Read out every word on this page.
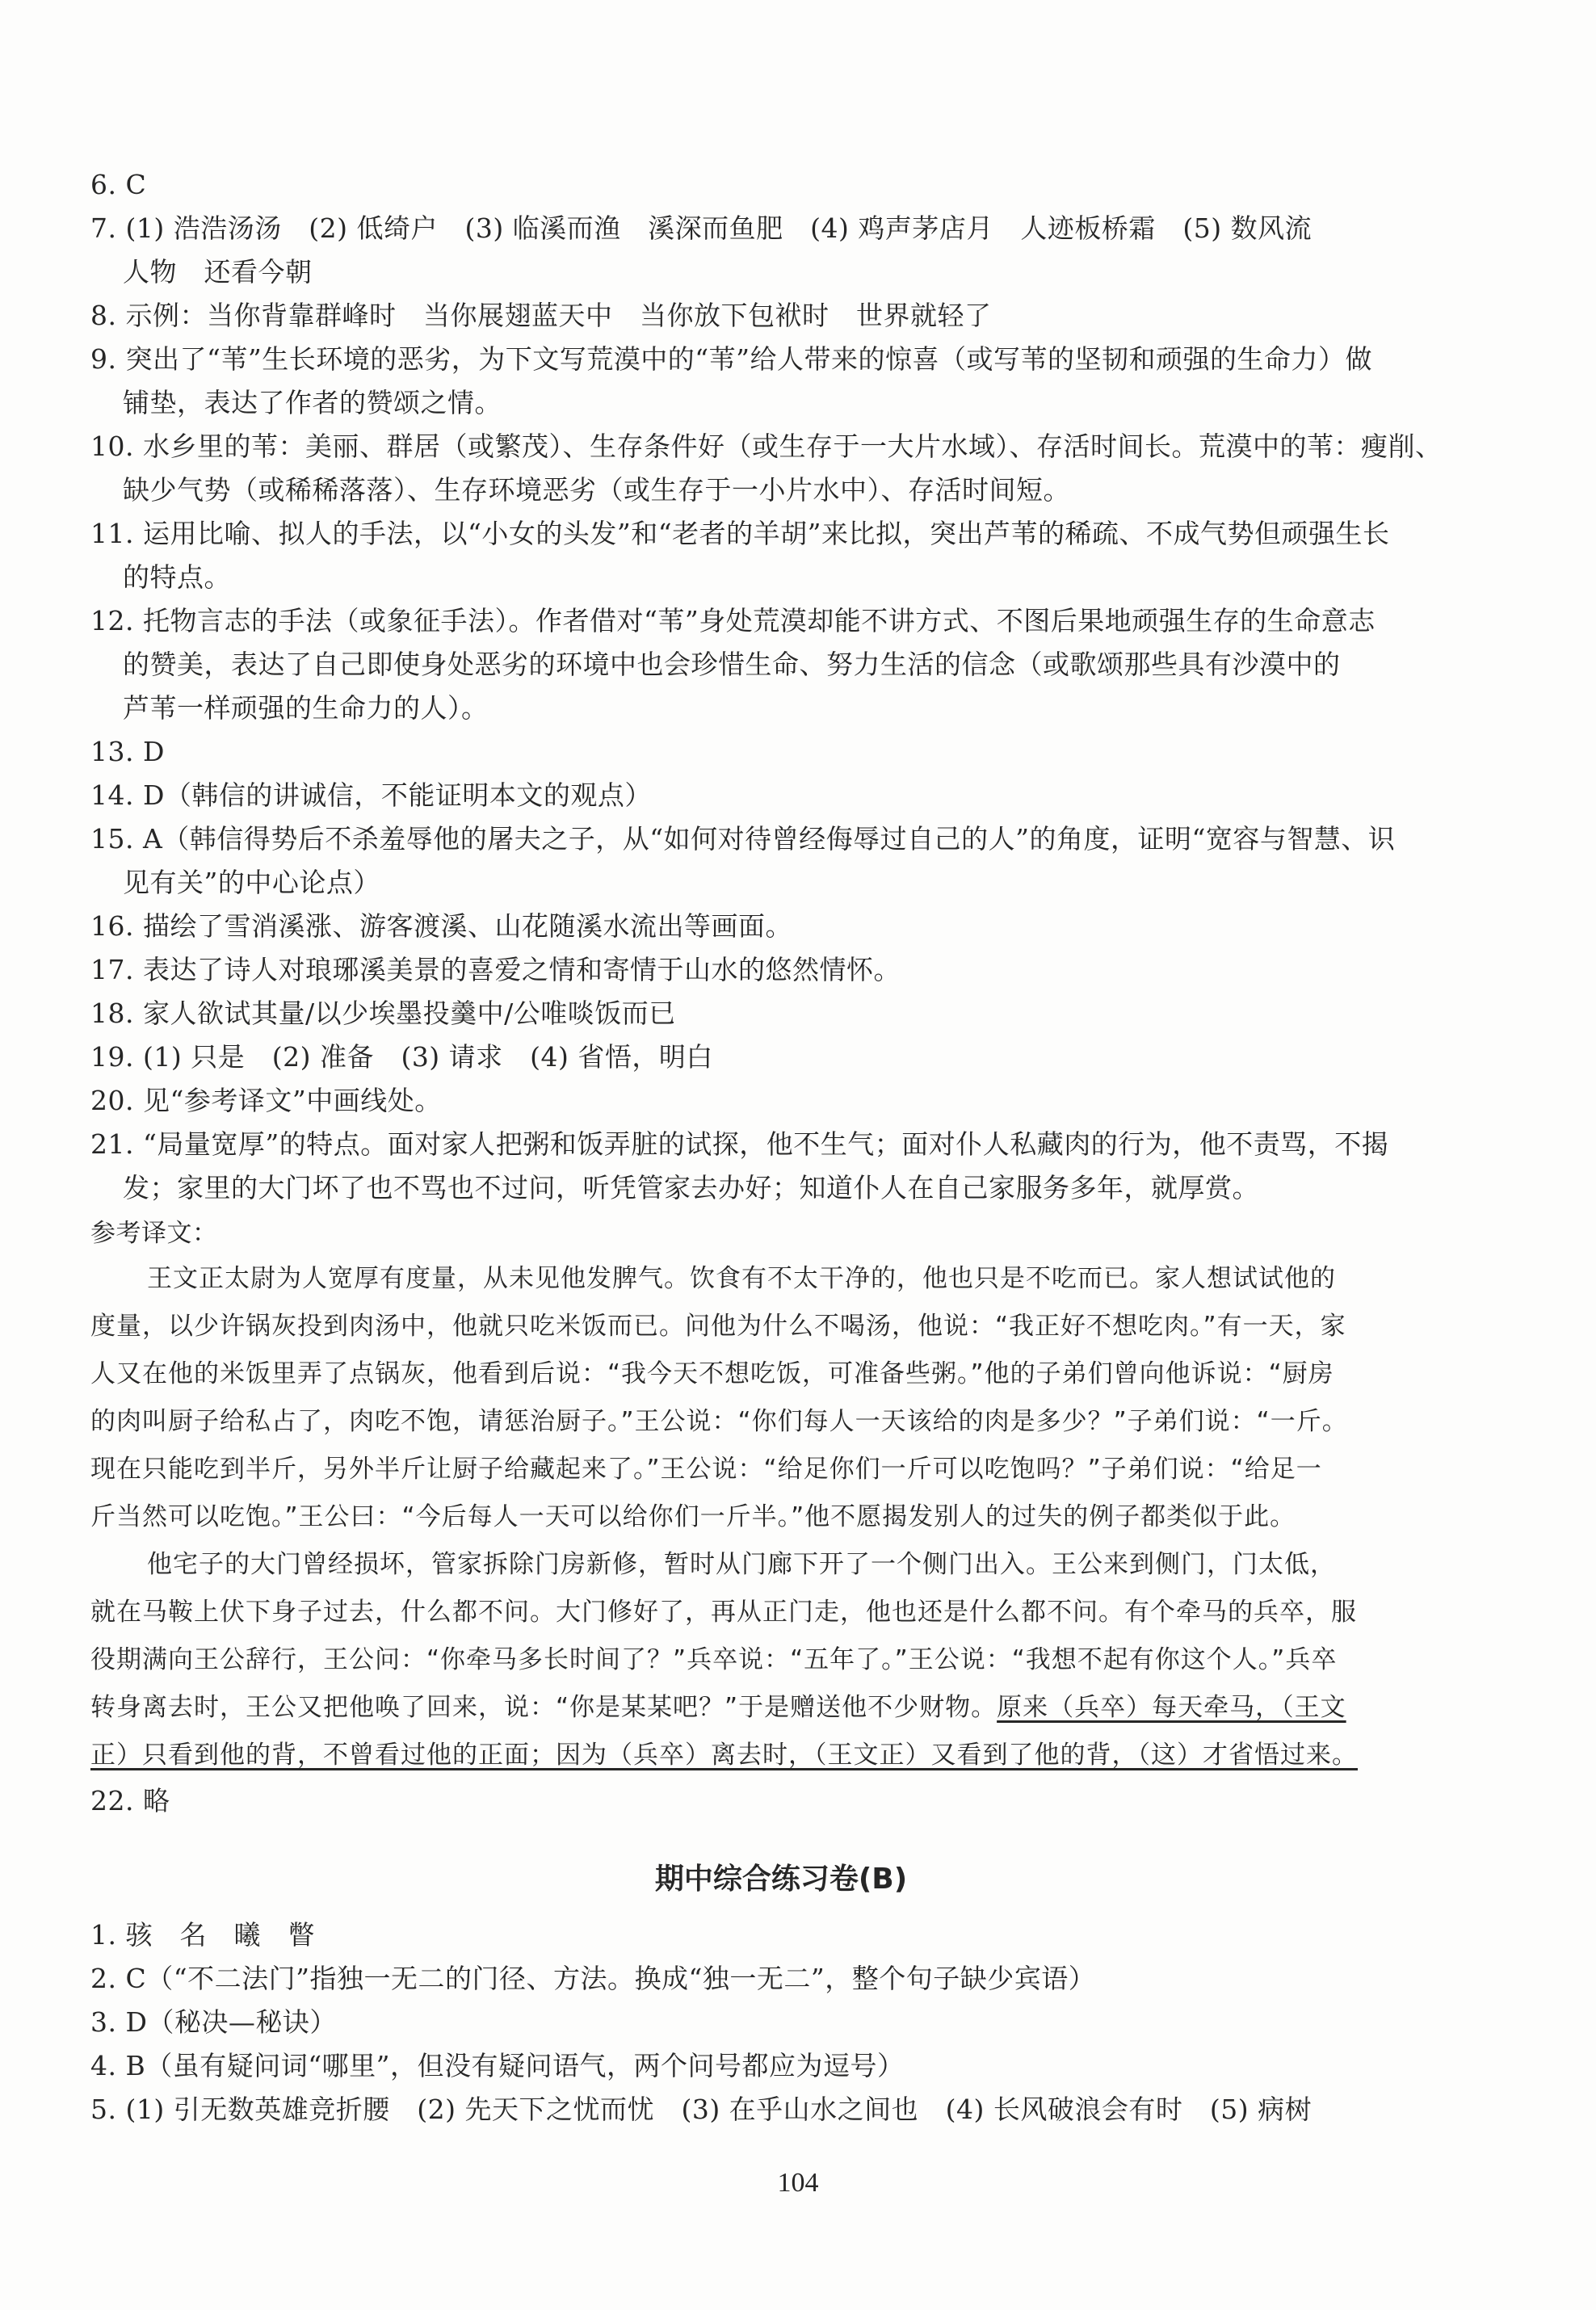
6. C
7. (1) 浩浩汤汤　(2) 低绮户　(3) 临溪而渔　溪深而鱼肥　(4) 鸡声茅店月　人迹板桥霜　(5) 数风流
人物　还看今朝
8. 示例：当你背靠群峰时　当你展翅蓝天中　当你放下包袱时　世界就轻了
9. 突出了“苇”生长环境的恶劣，为下文写荒漠中的“苇”给人带来的惊喜（或写苇的坚韧和顽强的生命力）做
铺垫，表达了作者的赞颂之情。
10. 水乡里的苇：美丽、群居（或繁茂）、生存条件好（或生存于一大片水域）、存活时间长。荒漠中的苇：瘦削、
缺少气势（或稀稀落落）、生存环境恶劣（或生存于一小片水中）、存活时间短。
11. 运用比喻、拟人的手法，以“小女的头发”和“老者的羊胡”来比拟，突出芦苇的稀疏、不成气势但顽强生长
的特点。
12. 托物言志的手法（或象征手法）。作者借对“苇”身处荒漠却能不讲方式、不图后果地顽强生存的生命意志
的赞美，表达了自己即使身处恶劣的环境中也会珍惜生命、努力生活的信念（或歌颂那些具有沙漠中的
芦苇一样顽强的生命力的人）。
13. D
14. D（韩信的讲诚信，不能证明本文的观点）
15. A（韩信得势后不杀羞辱他的屠夫之子，从“如何对待曾经侮辱过自己的人”的角度，证明“宽容与智慧、识
见有关”的中心论点）
16. 描绘了雪消溪涨、游客渡溪、山花随溪水流出等画面。
17. 表达了诗人对琅琊溪美景的喜爱之情和寄情于山水的悠然情怀。
18. 家人欲试其量/以少埃墨投羹中/公唯啖饭而已
19. (1) 只是　(2) 准备　(3) 请求　(4) 省悟，明白
20. 见“参考译文”中画线处。
21. “局量宽厚”的特点。面对家人把粥和饭弄脏的试探，他不生气；面对仆人私藏肉的行为，他不责骂，不揭
发；家里的大门坏了也不骂也不过问，听凭管家去办好；知道仆人在自己家服务多年，就厚赏。
参考译文：
王文正太尉为人宽厚有度量，从未见他发脾气。饮食有不太干净的，他也只是不吃而已。家人想试试他的
度量，以少许锅灰投到肉汤中，他就只吃米饭而已。问他为什么不喝汤，他说：“我正好不想吃肉。”有一天，家
人又在他的米饭里弄了点锅灰，他看到后说：“我今天不想吃饭，可准备些粥。”他的子弟们曾向他诉说：“厨房
的肉叫厨子给私占了，肉吃不饱，请惩治厨子。”王公说：“你们每人一天该给的肉是多少？”子弟们说：“一斤。
现在只能吃到半斤，另外半斤让厨子给藏起来了。”王公说：“给足你们一斤可以吃饱吗？”子弟们说：“给足一
斤当然可以吃饱。”王公曰：“今后每人一天可以给你们一斤半。”他不愿揭发别人的过失的例子都类似于此。
他宅子的大门曾经损坏，管家拆除门房新修，暂时从门廊下开了一个侧门出入。王公来到侧门，门太低，
就在马鞍上伏下身子过去，什么都不问。大门修好了，再从正门走，他也还是什么都不问。有个牵马的兵卒，服
役期满向王公辞行，王公问：“你牵马多长时间了？”兵卒说：“五年了。”王公说：“我想不起有你这个人。”兵卒
转身离去时，王公又把他唤了回来，说：“你是某某吧？”于是赠送他不少财物。原来（兵卒）每天牵马，（王文
正）只看到他的背，不曾看过他的正面；因为（兵卒）离去时，（王文正）又看到了他的背，（这）才省悟过来。
22. 略
期中综合练习卷(B)
1. 骇　名　曦　瞥
2. C（“不二法门”指独一无二的门径、方法。换成“独一无二”，整个句子缺少宾语）
3. D（秘决—秘诀）
4. B（虽有疑问词“哪里”，但没有疑问语气，两个问号都应为逗号）
5. (1) 引无数英雄竞折腰　(2) 先天下之忧而忧　(3) 在乎山水之间也　(4) 长风破浪会有时　(5) 病树
104
